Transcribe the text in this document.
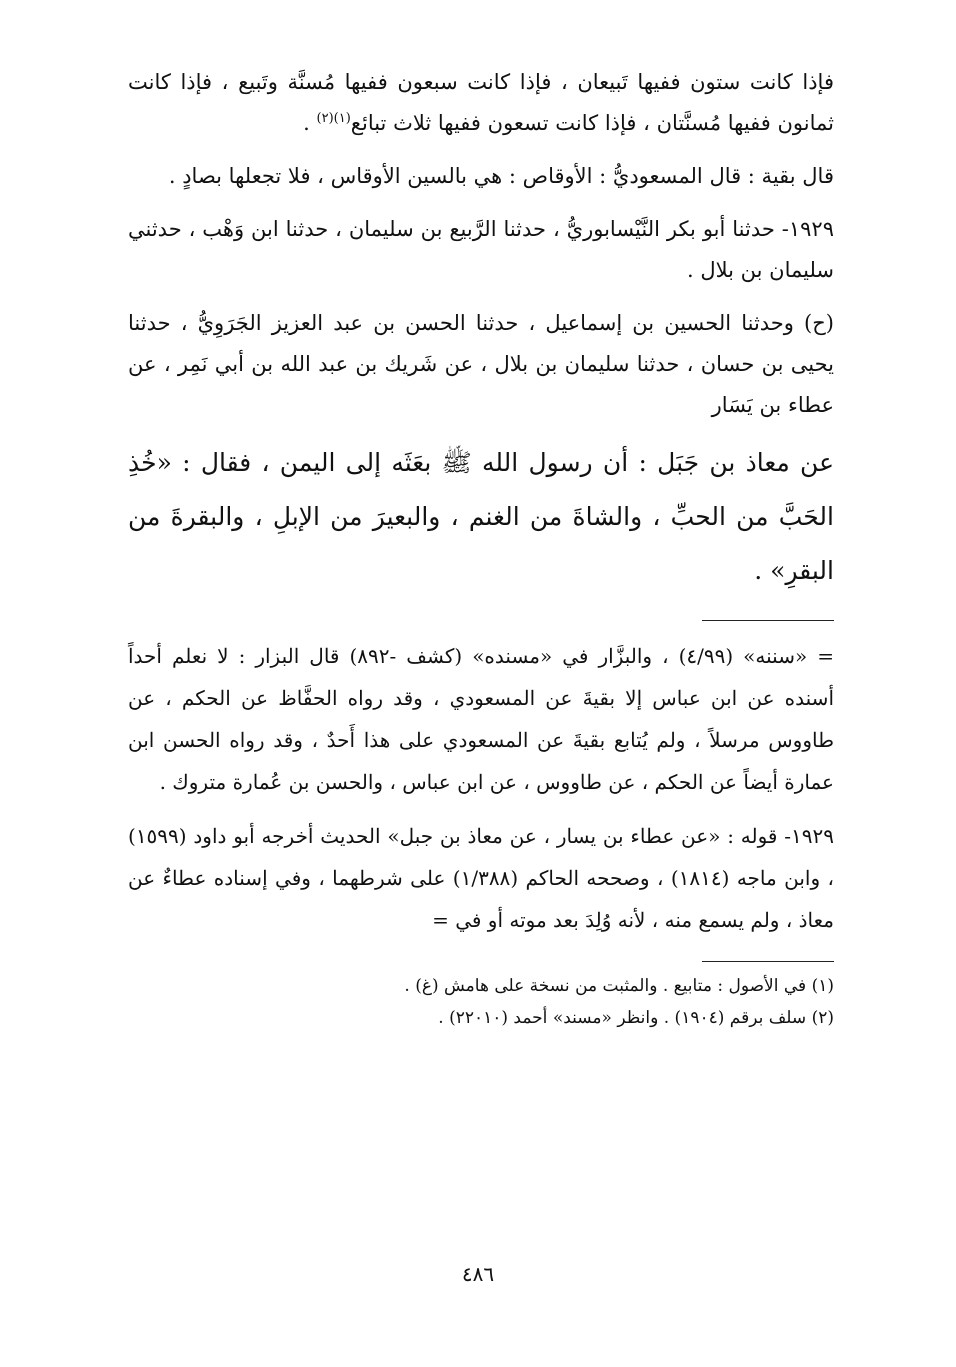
فإذا كانت ستون ففيها تَبيعان ، فإذا كانت سبعون ففيها مُسنَّة وتَبيع ، فإذا كانت ثمانون ففيها مُسنَّتان ، فإذا كانت تسعون ففيها ثلاث تبائع$^{(١)(٢)}$ .

قال بقية : قال المسعوديُّ : الأوقاص : هي بالسين الأوقاس ، فلا تجعلها بصادٍ .

١٩٢٩- حدثنا أبو بكر النَّيْسابوريُّ ، حدثنا الرَّبيع بن سليمان ، حدثنا ابن وَهْب ، حدثني سليمان بن بلال .

(ح) وحدثنا الحسين بن إسماعيل ، حدثنا الحسن بن عبد العزيز الجَرَوِيُّ ، حدثنا يحيى بن حسان ، حدثنا سليمان بن بلال ، عن شَريك بن عبد الله بن أبي نَمِر ، عن عطاء بن يَسَار

عن معاذ بن جَبَل : أن رسول الله ﷺ بعَثَه إلى اليمن ، فقال : «خُذِ الحَبَّ من الحبِّ ، والشاةَ من الغنم ، والبعيرَ من الإبلِ ، والبقرةَ من البقرِ» .

= «سننه» (٤/٩٩) ، والبزَّار في «مسنده» (كشف -٨٩٢) قال البزار : لا نعلم أحداً أسنده عن ابن عباس إلا بقيةَ عن المسعودي ، وقد رواه الحفَّاظ عن الحكم ، عن طاووس مرسلاً ، ولم يُتابع بقيةَ عن المسعودي على هذا أَحدٌ ، وقد رواه الحسن ابن عمارة أيضاً عن الحكم ، عن طاووس ، عن ابن عباس ، والحسن بن عُمارة متروك .

١٩٢٩- قوله : «عن عطاء بن يسار ، عن معاذ بن جبل» الحديث أخرجه أبو داود (١٥٩٩) ، وابن ماجه (١٨١٤) ، وصححه الحاكم (١/٣٨٨) على شرطهما ، وفي إسناده عطاءٌ عن معاذ ، ولم يسمع منه ، لأنه وُلِدَ بعد موته أو في =

(١) في الأصول : متابيع . والمثبت من نسخة على هامش (غ) .

(٢) سلف برقم (١٩٠٤) . وانظر «مسند» أحمد (٢٢٠١٠) .

٤٨٦
